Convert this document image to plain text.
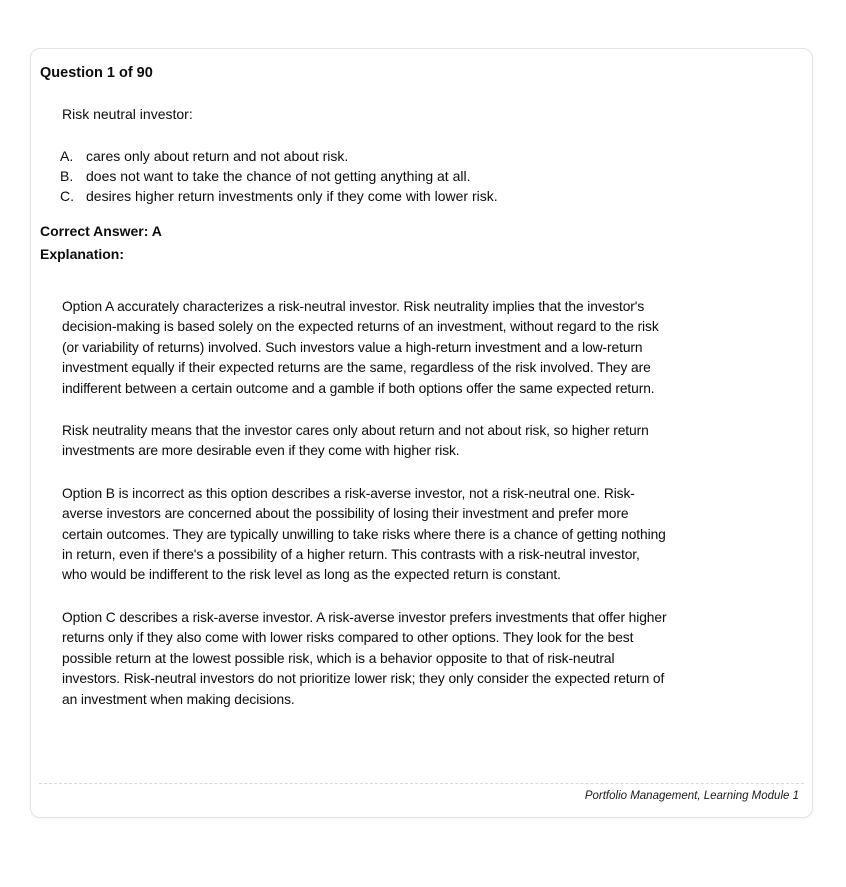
Question 1 of 90

Risk neutral investor:

A. cares only about return and not about risk.
B. does not want to take the chance of not getting anything at all.
C. desires higher return investments only if they come with lower risk.

Correct Answer: A

Explanation:

Option A accurately characterizes a risk-neutral investor. Risk neutrality implies that the investor's decision-making is based solely on the expected returns of an investment, without regard to the risk (or variability of returns) involved. Such investors value a high-return investment and a low-return investment equally if their expected returns are the same, regardless of the risk involved. They are indifferent between a certain outcome and a gamble if both options offer the same expected return.

Risk neutrality means that the investor cares only about return and not about risk, so higher return investments are more desirable even if they come with higher risk.

Option B is incorrect as this option describes a risk-averse investor, not a risk-neutral one. Risk-averse investors are concerned about the possibility of losing their investment and prefer more certain outcomes. They are typically unwilling to take risks where there is a chance of getting nothing in return, even if there's a possibility of a higher return. This contrasts with a risk-neutral investor, who would be indifferent to the risk level as long as the expected return is constant.

Option C describes a risk-averse investor. A risk-averse investor prefers investments that offer higher returns only if they also come with lower risks compared to other options. They look for the best possible return at the lowest possible risk, which is a behavior opposite to that of risk-neutral investors. Risk-neutral investors do not prioritize lower risk; they only consider the expected return of an investment when making decisions.

Portfolio Management, Learning Module 1
